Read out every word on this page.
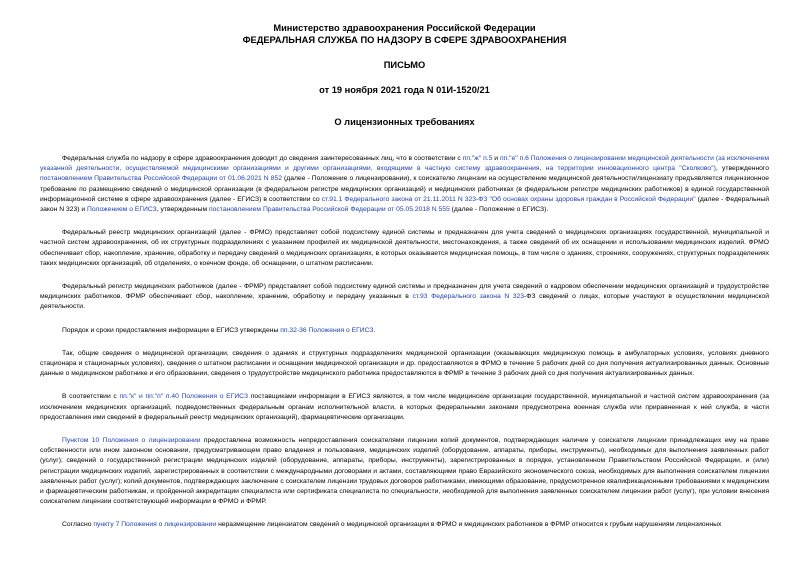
Министерство здравоохранения Российской Федерации
ФЕДЕРАЛЬНАЯ СЛУЖБА ПО НАДЗОРУ В СФЕРЕ ЗДРАВООХРАНЕНИЯ
ПИСЬМО
от 19 ноября 2021 года N 01И-1520/21
О лицензионных требованиях

Федеральная служба по надзору в сфере здравоохранения доводит до сведения заинтересованных лиц, что в соответствии с пп."ж" п.5 и пп."е" п.6 Положения о лицензировании медицинской деятельности (за исключением указанной деятельности, осуществляемой медицинскими организациями и другими организациями, входящими в частную систему здравоохранения, на территории инновационного центра "Сколково"), утвержденного постановлением Правительства Российской Федерации от 01.06.2021 N 852 (далее - Положение о лицензировании), к соискателю лицензии на осуществление медицинской деятельности/лицензиату предъявляется лицензионное требование по размещению сведений о медицинской организации (в федеральном регистре медицинских организаций) и медицинских работниках (в федеральном регистре медицинских работников) в единой государственной информационной системе в сфере здравоохранения (далее - ЕГИСЗ) в соответствии со ст.91.1 Федерального закона от 21.11.2011 N 323-ФЗ "Об основах охраны здоровья граждан в Российской Федерации" (далее - Федеральный закон N 323) и Положением о ЕГИСЗ, утвержденным постановлением Правительства Российской Федерации от 05.05.2018 N 555 (далее - Положение о ЕГИСЗ).

Федеральный реестр медицинских организаций (далее - ФРМО) представляет собой подсистему единой системы и предназначен для учета сведений о медицинских организациях государственной, муниципальной и частной систем здравоохранения, об их структурных подразделениях с указанием профилей их медицинской деятельности, местонахождения, а также сведений об их оснащении и использовании медицинских изделий. ФРМО обеспечивает сбор, накопление, хранение, обработку и передачу сведений о медицинских организациях, в которых оказывается медицинская помощь, в том числе о зданиях, строениях, сооружениях, структурных подразделениях таких медицинских организаций, об отделениях, о коечном фонде, об оснащении, о штатном расписании.

Федеральный регистр медицинских работников (далее - ФРМР) представляет собой подсистему единой системы и предназначен для учета сведений о кадровом обеспечении медицинских организаций и трудоустройстве медицинских работников. ФРМР обеспечивает сбор, накопление, хранение, обработку и передачу указанных в ст.93 Федерального закона N 323-ФЗ сведений о лицах, которые участвуют в осуществлении медицинской деятельности.

Порядок и сроки предоставления информации в ЕГИСЗ утверждены пп.32-36 Положения о ЕГИСЗ.

Так, общие сведения о медицинской организации, сведения о зданиях и структурных подразделениях медицинской организации (оказывающих медицинскую помощь в амбулаторных условиях, условиях дневного стационара и стационарных условиях), сведения о штатном расписании и оснащении медицинской организации и др. предоставляются в ФРМО в течение 5 рабочих дней со дня получения актуализированных данных. Основные данные о медицинском работнике и его образовании, сведения о трудоустройстве медицинского работника предоставляются в ФРМР в течение 3 рабочих дней со дня получения актуализированных данных.

В соответствии с пп."к" и пп."п" п.40 Положения о ЕГИСЗ поставщиками информации в ЕГИСЗ являются, в том числе медицинские организации государственной, муниципальной и частной систем здравоохранения (за исключением медицинских организаций, подведомственных федеральным органам исполнительной власти, в которых федеральными законами предусмотрена военная служба или приравненная к ней служба, в части предоставления ими сведений в федеральный реестр медицинских организаций), фармацевтические организации.

Пунктом 10 Положения о лицензировании предоставлена возможность непредоставления соискателями лицензии копий документов, подтверждающих наличие у соискателя лицензии принадлежащих ему на праве собственности или ином законном основании, предусматривающем право владения и пользования, медицинских изделий (оборудование, аппараты, приборы, инструменты), необходимых для выполнения заявленных работ (услуг); сведений о государственной регистрации медицинских изделий (оборудование, аппараты, приборы, инструменты), зарегистрированных в порядке, установленном Правительством Российской Федерации, и (или) регистрации медицинских изделий, зарегистрированных в соответствии с международными договорами и актами, составляющими право Евразийского экономического союза, необходимых для выполнения соискателем лицензии заявленных работ (услуг); копий документов, подтверждающих заключение с соискателем лицензии трудовых договоров работниками, имеющими образование, предусмотренное квалификационными требованиями к медицинским и фармацевтическим работникам, и пройденной аккредитации специалиста или сертификата специалиста по специальности, необходимой для выполнения заявленных соискателем лицензии работ (услуг), при условии внесения соискателем лицензии соответствующей информации в ФРМО и ФРМР.

Согласно пункту 7 Положения о лицензировании неразмещение лицензиатом сведений о медицинской организации в ФРМО и медицинских работников в ФРМР относится к грубым нарушениям лицензионных
